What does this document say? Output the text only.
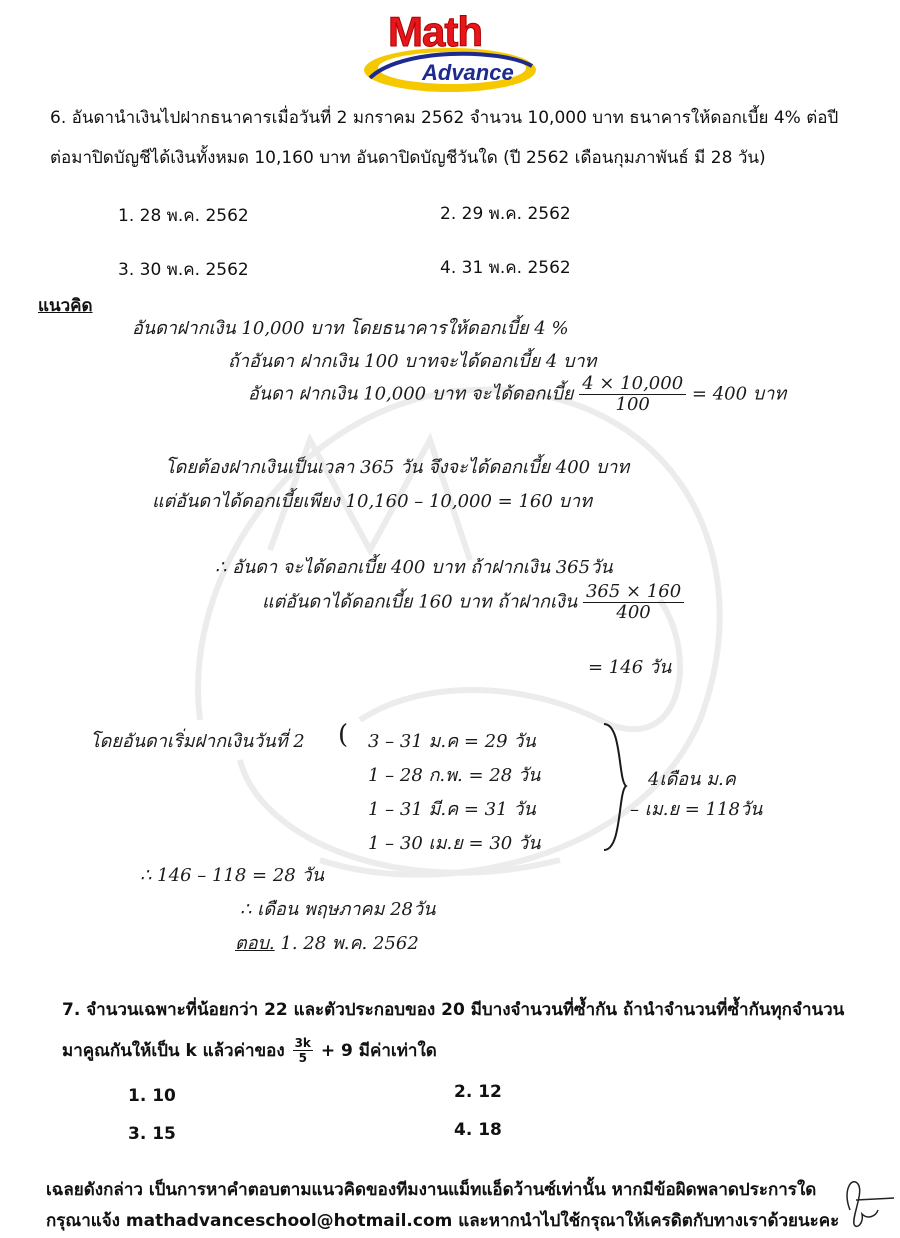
Math
Advance
6. อันดานำเงินไปฝากธนาคารเมื่อวันที่ 2 มกราคม 2562 จำนวน 10,000 บาท ธนาคารให้ดอกเบี้ย 4% ต่อปี
ต่อมาปิดบัญชีได้เงินทั้งหมด 10,160 บาท อันดาปิดบัญชีวันใด (ปี 2562 เดือนกุมภาพันธ์ มี 28 วัน)
1. 28 พ.ค. 2562	2. 29 พ.ค. 2562
3. 30 พ.ค. 2562	4. 31 พ.ค. 2562
แนวคิด
อันดาฝากเงิน 10,000 บาท โดยธนาคารให้ดอกเบี้ย 4 %
ถ้าอันดา ฝากเงิน 100 บาทจะได้ดอกเบี้ย 4 บาท
อันดา ฝากเงิน 10,000 บาท จะได้ดอกเบี้ย $\frac{4 \times 10,000}{100} = 400$ บาท
โดยต้องฝากเงินเป็นเวลา 365 วัน จึงจะได้ดอกเบี้ย 400 บาท
แต่อันดาได้ดอกเบี้ยเพียง 10,160 – 10,000 = 160 บาท
∴ อันดา จะได้ดอกเบี้ย 400 บาท ถ้าฝากเงิน 365วัน
แต่อันดาได้ดอกเบี้ย 160 บาท ถ้าฝากเงิน $\frac{365 \times 160}{400}$
= 146 วัน
โดยอันดาเริ่มฝากเงินวันที่ 2 ( 3 – 31 ม.ค = 29 วัน
1 – 28 ก.พ. = 28 วัน
1 – 31 มี.ค = 31 วัน
1 – 30 เม.ย = 30 วัน
4เดือน ม.ค
– เม.ย = 118วัน
∴ 146 – 118 = 28 วัน
∴ เดือน พฤษภาคม 28วัน
ตอบ. 1. 28 พ.ค. 2562
7. จำนวนเฉพาะที่น้อยกว่า 22 และตัวประกอบของ 20 มีบางจำนวนที่ซ้ำกัน ถ้านำจำนวนที่ซ้ำกันทุกจำนวน
มาคูณกันให้เป็น k แล้วค่าของ $\frac{3k}{5} + 9$ มีค่าเท่าใด
1. 10	2. 12
3. 15	4. 18
เฉลยดังกล่าว เป็นการหาคำตอบตามแนวคิดของทีมงานแม็ทแอ็ดว้านซ์เท่านั้น หากมีข้อผิดพลาดประการใด
กรุณาแจ้ง mathadvanceschool@hotmail.com และหากนำไปใช้กรุณาให้เครดิตกับทางเราด้วยนะคะ
